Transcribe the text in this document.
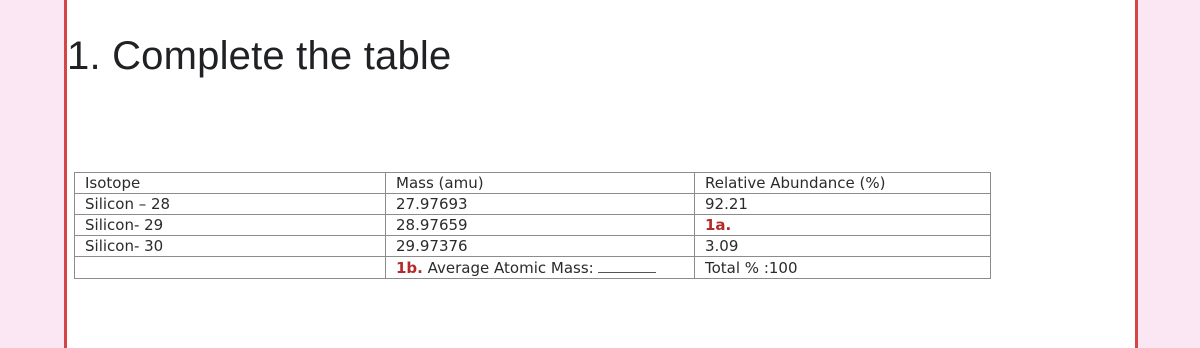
1. Complete the table
Isotope	Mass (amu)	Relative Abundance (%)
Silicon – 28	27.97693	92.21
Silicon- 29	28.97659	1a.
Silicon- 30	29.97376	3.09
	1b. Average Atomic Mass:	Total % :100
